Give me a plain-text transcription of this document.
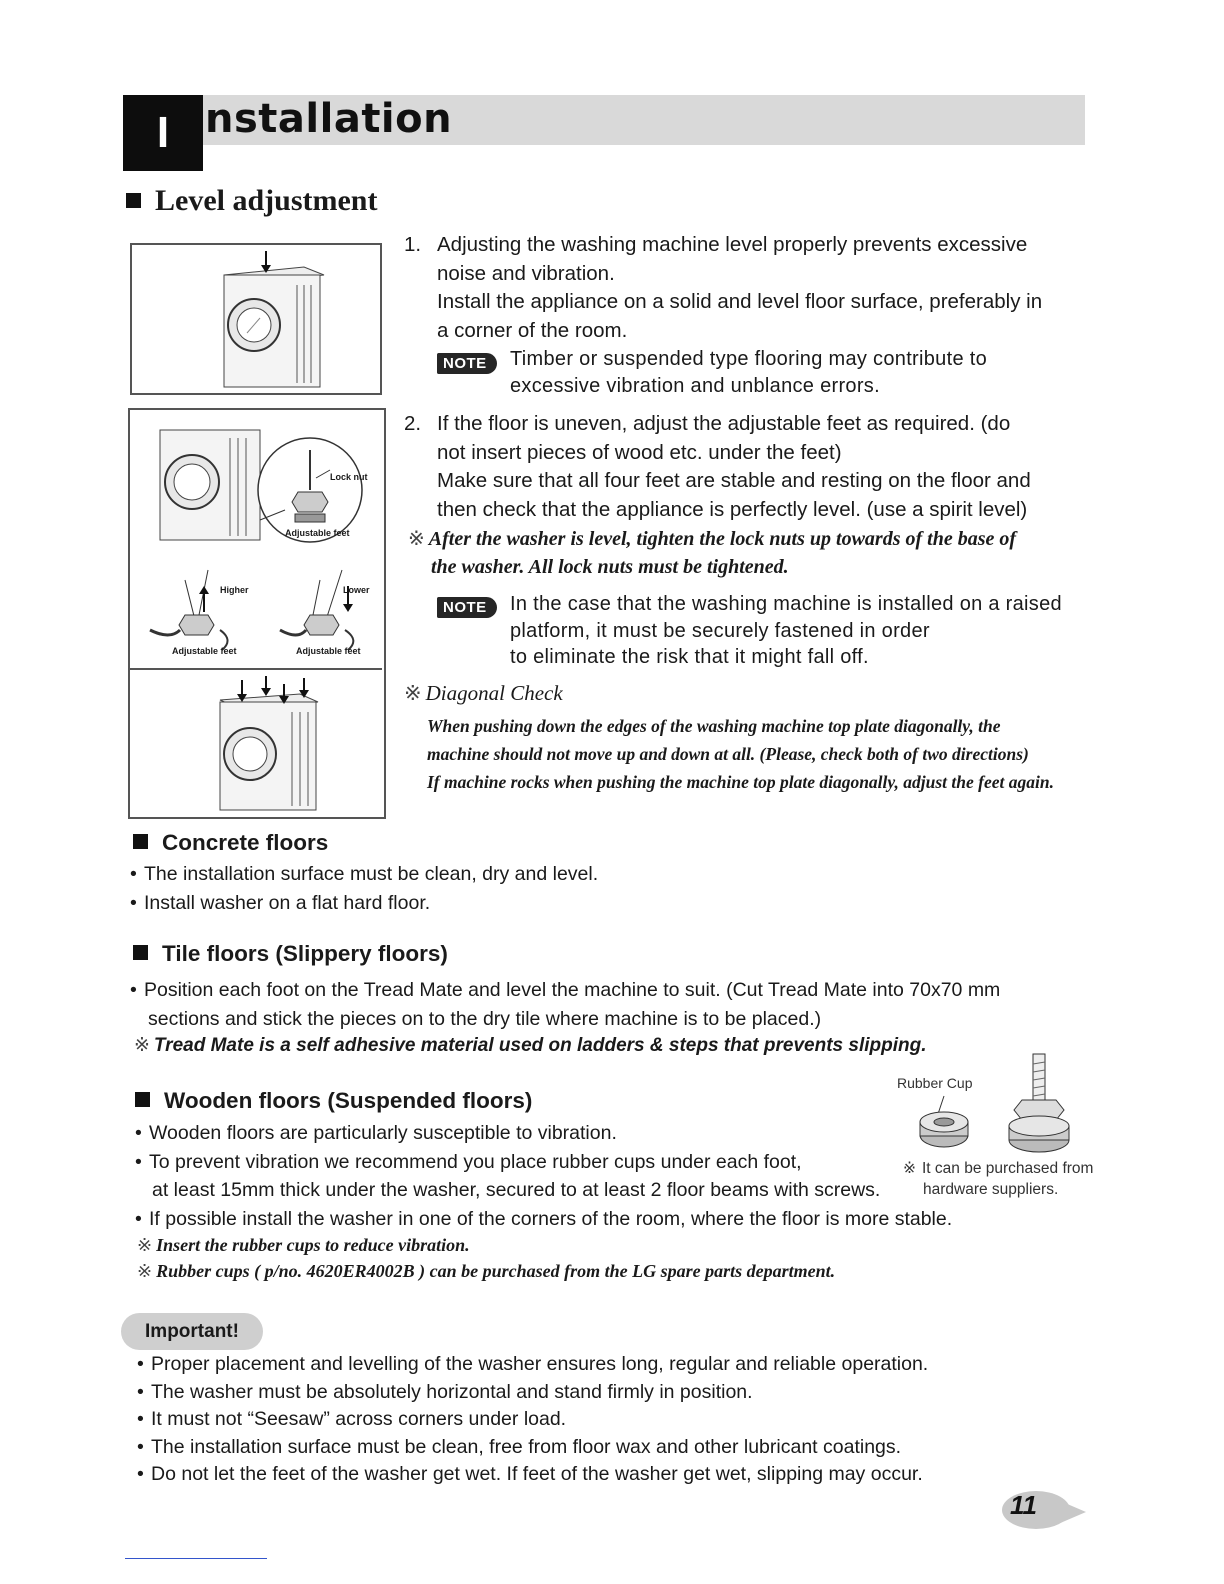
I nstallation
Level adjustment
Lock nut
Adjustable feet
Higher	Lower
Adjustable feet	Adjustable feet
1. Adjusting the washing machine level properly prevents excessive
noise and vibration.
Install the appliance on a solid and level floor surface, preferably in
a corner of the room.
NOTE	Timber or suspended type flooring may contribute to
excessive vibration and unblance errors.
2. If the floor is uneven, adjust the adjustable feet as required. (do
not insert pieces of wood etc. under the feet)
Make sure that all four feet are stable and resting on the floor and
then check that the appliance is perfectly level. (use a spirit level)
※ After the washer is level, tighten the lock nuts up towards of the base of
the washer. All lock nuts must be tightened.
NOTE	In the case that the washing machine is installed on a raised
platform, it must be securely fastened in order
to eliminate the risk that it might fall off.
※ Diagonal Check
When pushing down the edges of the washing machine top plate diagonally, the
machine should not move up and down at all. (Please, check both of two directions)
If machine rocks when pushing the machine top plate diagonally, adjust the feet again.
Concrete floors
• The installation surface must be clean, dry and level.
• Install washer on a flat hard floor.
Tile floors (Slippery floors)
• Position each foot on the Tread Mate and level the machine to suit. (Cut Tread Mate into 70x70 mm
sections and stick the pieces on to the dry tile where machine is to be placed.)
※ Tread Mate is a self adhesive material used on ladders & steps that prevents slipping.
Wooden floors (Suspended floors)
• Wooden floors are particularly susceptible to vibration.
• To prevent vibration we recommend you place rubber cups under each foot,
at least 15mm thick under the washer, secured to at least 2 floor beams with screws.
• If possible install the washer in one of the corners of the room, where the floor is more stable.
※ Insert the rubber cups to reduce vibration.
※ Rubber cups ( p/no. 4620ER4002B ) can be purchased from the LG spare parts department.
Rubber Cup
※ It can be purchased from
hardware suppliers.
Important!
• Proper placement and levelling of the washer ensures long, regular and reliable operation.
• The washer must be absolutely horizontal and stand firmly in position.
• It must not “Seesaw” across corners under load.
• The installation surface must be clean, free from floor wax and other lubricant coatings.
• Do not let the feet of the washer get wet. If feet of the washer get wet, slipping may occur.
11
